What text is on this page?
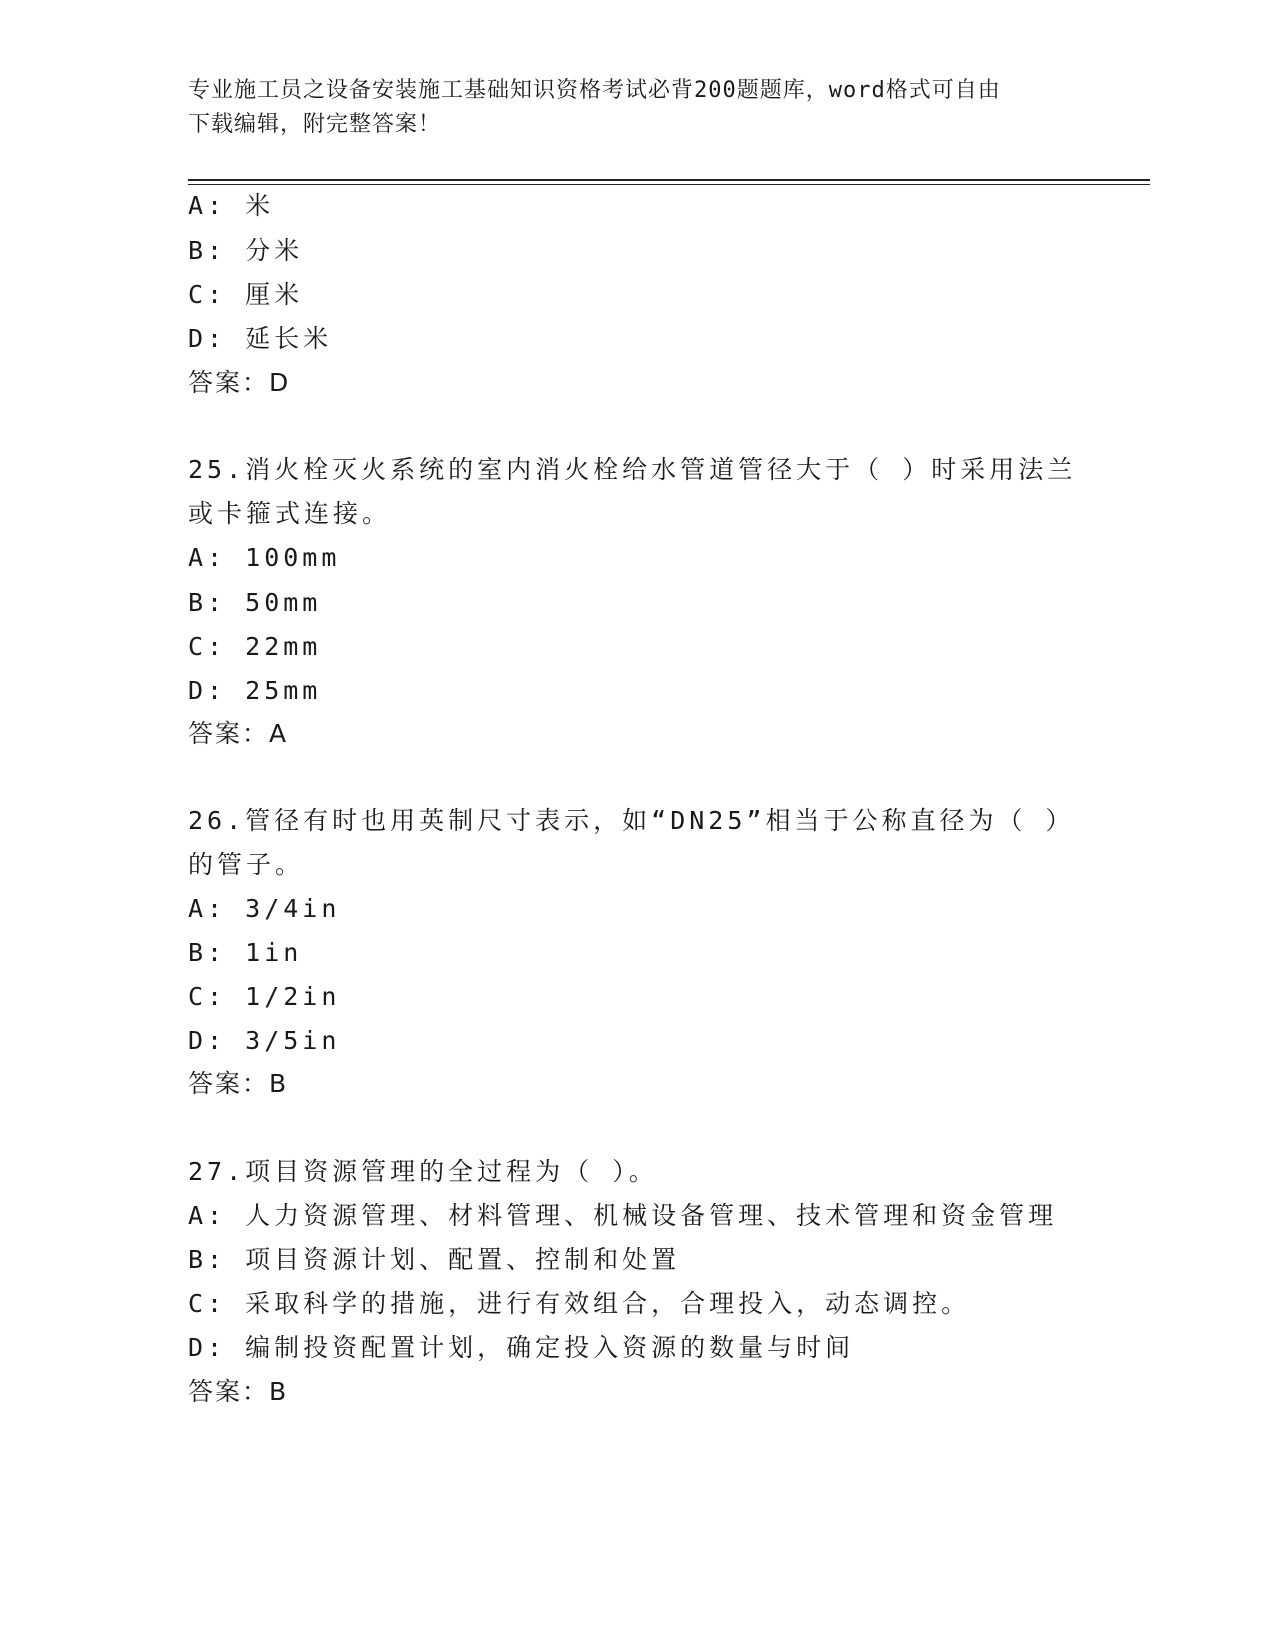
专业施工员之设备安装施工基础知识资格考试必背200题题库，word格式可自由
下载编辑，附完整答案！
A: 米
B: 分米
C: 厘米
D: 延长米
答案：D
25.消火栓灭火系统的室内消火栓给水管道管径大于（ ）时采用法兰
或卡箍式连接。
A: 100mm
B: 50mm
C: 22mm
D: 25mm
答案：A
26.管径有时也用英制尺寸表示，如“DN25”相当于公称直径为（ ）
的管子。
A: 3/4in
B: 1in
C: 1/2in
D: 3/5in
答案：B
27.项目资源管理的全过程为（ ）。
A: 人力资源管理、材料管理、机械设备管理、技术管理和资金管理
B: 项目资源计划、配置、控制和处置
C: 采取科学的措施，进行有效组合，合理投入，动态调控。
D: 编制投资配置计划，确定投入资源的数量与时间
答案：B
